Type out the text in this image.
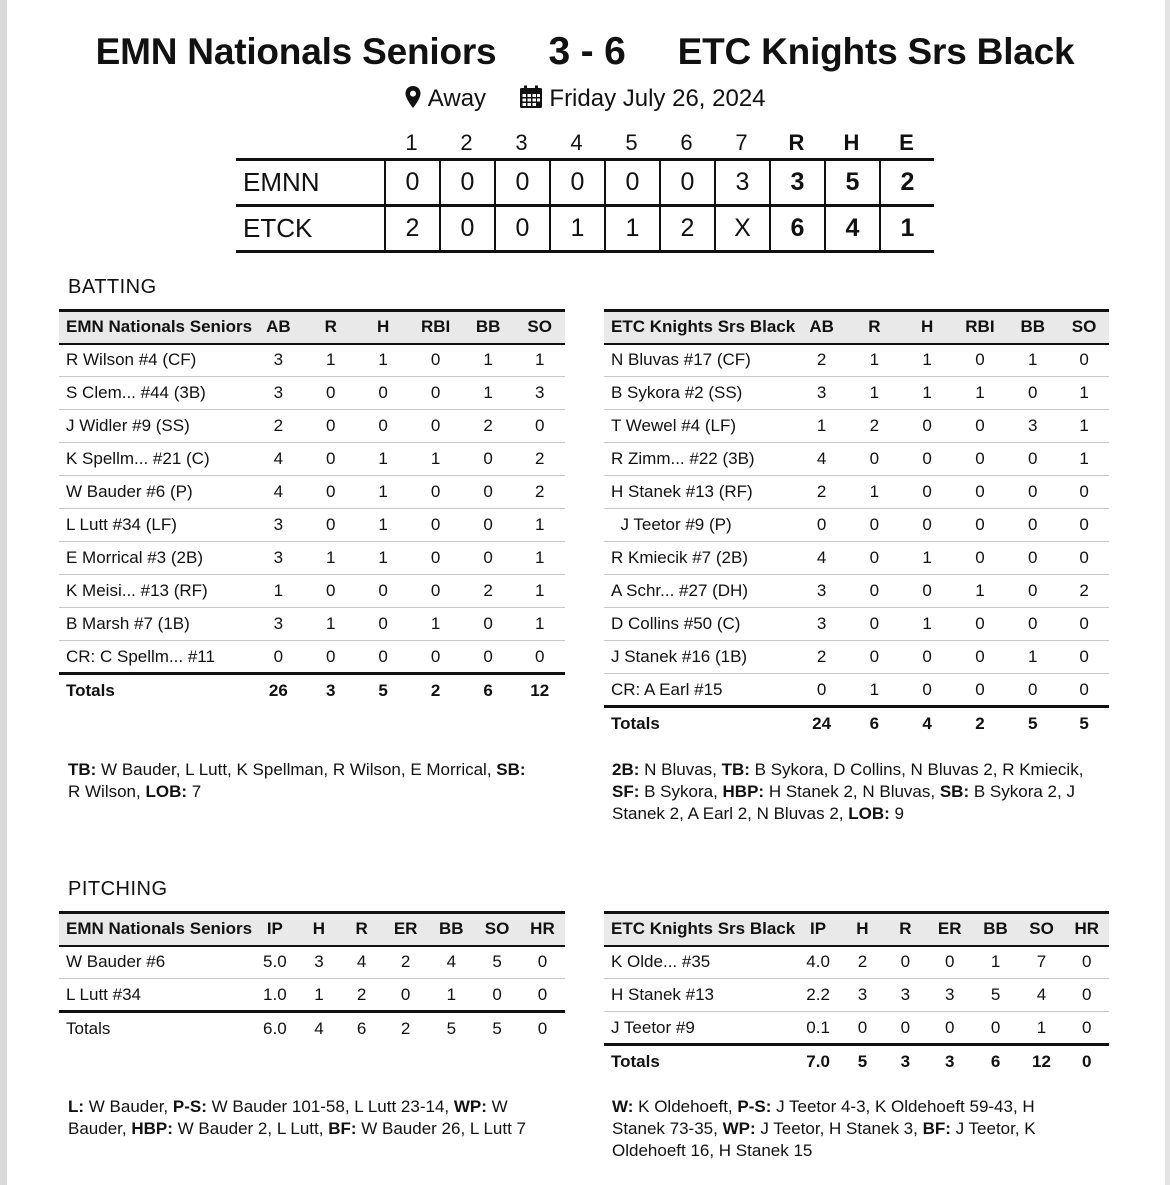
EMN Nationals Seniors 3 - 6 ETC Knights Srs Black
Away	Friday July 26, 2024
1	2	3	4	5	6	7	R	H	E
EMNN	0	0	0	0	0	0	3	3	5	2
ETCK	2	0	0	1	1	2	X	6	4	1
BATTING
EMN Nationals Seniors	AB	R	H	RBI	BB	SO
R Wilson #4 (CF)	3	1	1	0	1	1
S Clem... #44 (3B)	3	0	0	0	1	3
J Widler #9 (SS)	2	0	0	0	2	0
K Spellm... #21 (C)	4	0	1	1	0	2
W Bauder #6 (P)	4	0	1	0	0	2
L Lutt #34 (LF)	3	0	1	0	0	1
E Morrical #3 (2B)	3	1	1	0	0	1
K Meisi... #13 (RF)	1	0	0	0	2	1
B Marsh #7 (1B)	3	1	0	1	0	1
CR: C Spellm... #11	0	0	0	0	0	0
Totals	26	3	5	2	6	12
ETC Knights Srs Black	AB	R	H	RBI	BB	SO
N Bluvas #17 (CF)	2	1	1	0	1	0
B Sykora #2 (SS)	3	1	1	1	0	1
T Wewel #4 (LF)	1	2	0	0	3	1
R Zimm... #22 (3B)	4	0	0	0	0	1
H Stanek #13 (RF)	2	1	0	0	0	0
J Teetor #9 (P)	0	0	0	0	0	0
R Kmiecik #7 (2B)	4	0	1	0	0	0
A Schr... #27 (DH)	3	0	0	1	0	2
D Collins #50 (C)	3	0	1	0	0	0
J Stanek #16 (1B)	2	0	0	0	1	0
CR: A Earl #15	0	1	0	0	0	0
Totals	24	6	4	2	5	5
TB: W Bauder, L Lutt, K Spellman, R Wilson, E Morrical, SB: R Wilson, LOB: 7
2B: N Bluvas, TB: B Sykora, D Collins, N Bluvas 2, R Kmiecik, SF: B Sykora, HBP: H Stanek 2, N Bluvas, SB: B Sykora 2, J Stanek 2, A Earl 2, N Bluvas 2, LOB: 9
PITCHING
EMN Nationals Seniors	IP	H	R	ER	BB	SO	HR
W Bauder #6	5.0	3	4	2	4	5	0
L Lutt #34	1.0	1	2	0	1	0	0
Totals	6.0	4	6	2	5	5	0
ETC Knights Srs Black	IP	H	R	ER	BB	SO	HR
K Olde... #35	4.0	2	0	0	1	7	0
H Stanek #13	2.2	3	3	3	5	4	0
J Teetor #9	0.1	0	0	0	0	1	0
Totals	7.0	5	3	3	6	12	0
L: W Bauder, P-S: W Bauder 101-58, L Lutt 23-14, WP: W Bauder, HBP: W Bauder 2, L Lutt, BF: W Bauder 26, L Lutt 7
W: K Oldehoeft, P-S: J Teetor 4-3, K Oldehoeft 59-43, H Stanek 73-35, WP: J Teetor, H Stanek 3, BF: J Teetor, K Oldehoeft 16, H Stanek 15
